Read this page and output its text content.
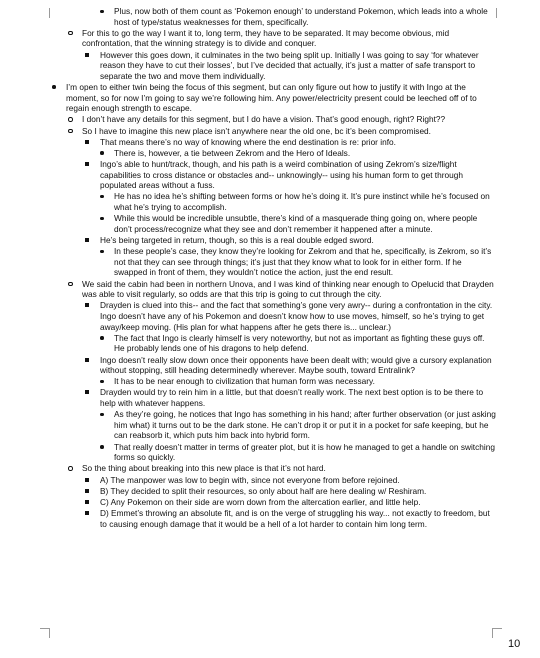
Plus, now both of them count as ‘Pokemon enough’ to understand Pokemon, which leads into a whole host of type/status weaknesses for them, specifically.
For this to go the way I want it to, long term, they have to be separated. It may become obvious, mid confrontation, that the winning strategy is to divide and conquer.
However this goes down, it culminates in the two being split up. Initially I was going to say ‘for whatever reason they have to cut their losses’, but I’ve decided that actually, it’s just a matter of safe transport to separate the two and move them individually.
I’m open to either twin being the focus of this segment, but can only figure out how to justify it with Ingo at the moment, so for now I’m going to say we’re following him. Any power/electricity present could be leeched off of to regain enough strength to escape.
I don’t have any details for this segment, but I do have a vision. That’s good enough, right? Right??
So I have to imagine this new place isn’t anywhere near the old one, bc it’s been compromised.
That means there’s no way of knowing where the end destination is re: prior info.
There is, however, a tie between Zekrom and the Hero of Ideals.
Ingo’s able to hunt/track, though, and his path is a weird combination of using Zekrom’s size/flight capabilities to cross distance or obstacles and-- unknowingly-- using his human form to get through populated areas without a fuss.
He has no idea he’s shifting between forms or how he’s doing it. It’s pure instinct while he’s focused on what he’s trying to accomplish.
While this would be incredible unsubtle, there’s kind of a masquerade thing going on, where people don’t process/recognize what they see and don’t remember it happened after a minute.
He’s being targeted in return, though, so this is a real double edged sword.
In these people’s case, they know they’re looking for Zekrom and that he, specifically, is Zekrom, so it’s not that they can see through things; it’s just that they know what to look for in either form. If he swapped in front of them, they wouldn’t notice the action, just the end result.
We said the cabin had been in northern Unova, and I was kind of thinking near enough to Opelucid that Drayden was able to visit regularly, so odds are that this trip is going to cut through the city.
Drayden is clued into this-- and the fact that something’s gone very awry-- during a confrontation in the city. Ingo doesn’t have any of his Pokemon and doesn’t know how to use moves, himself, so he’s trying to get away/keep moving. (His plan for what happens after he gets there is... unclear.)
The fact that Ingo is clearly himself is very noteworthy, but not as important as fighting these guys off. He probably lends one of his dragons to help defend.
Ingo doesn’t really slow down once their opponents have been dealt with; would give a cursory explanation without stopping, still heading determinedly wherever. Maybe south, toward Entralink?
It has to be near enough to civilization that human form was necessary.
Drayden would try to rein him in a little, but that doesn’t really work. The next best option is to be there to help with whatever happens.
As they’re going, he notices that Ingo has something in his hand; after further observation (or just asking him what) it turns out to be the dark stone. He can’t drop it or put it in a pocket for safe keeping, but he can reabsorb it, which puts him back into hybrid form.
That really doesn’t matter in terms of greater plot, but it is how he managed to get a handle on switching forms so quickly.
So the thing about breaking into this new place is that it’s not hard.
A) The manpower was low to begin with, since not everyone from before rejoined.
B) They decided to split their resources, so only about half are here dealing w/ Reshiram.
C) Any Pokemon on their side are worn down from the altercation earlier, and little help.
D) Emmet’s throwing an absolute fit, and is on the verge of struggling his way... not exactly to freedom, but to causing enough damage that it would be a hell of a lot harder to contain him long term.
10
